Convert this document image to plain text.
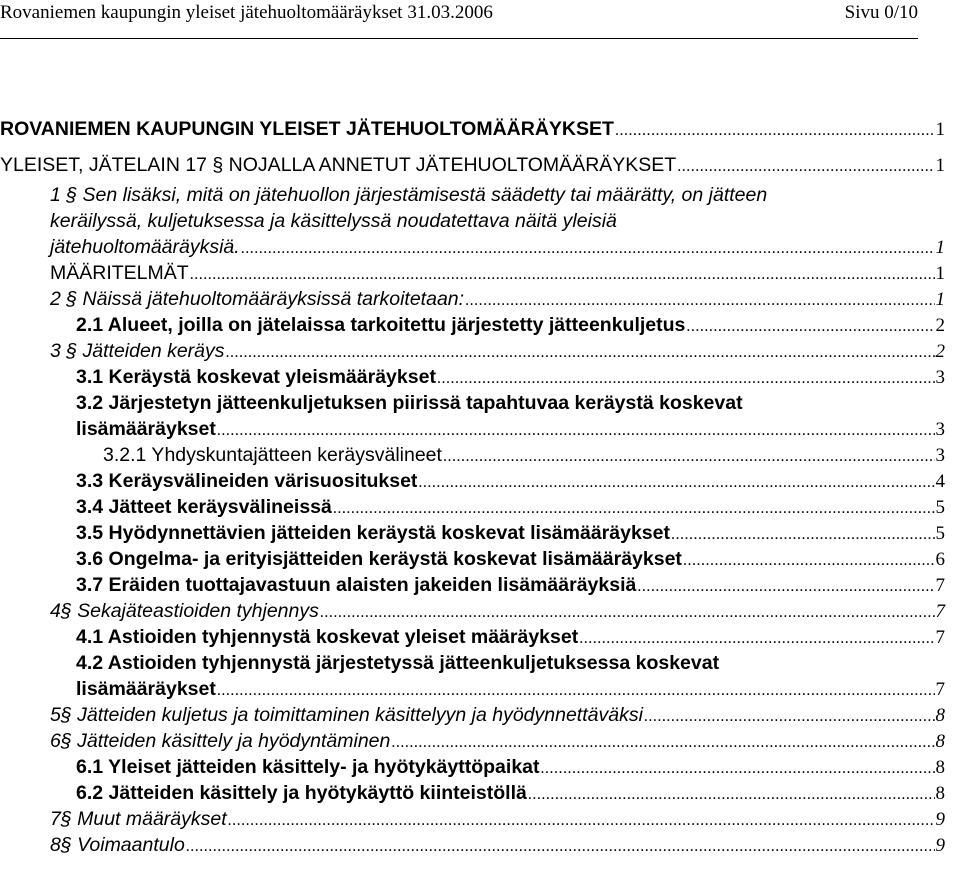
Rovaniemen kaupungin yleiset jätehuoltomääräykset 31.03.2006	Sivu 0/10
ROVANIEMEN KAUPUNGIN YLEISET JÄTEHUOLTOMÄÄRÄYKSET .....	1
YLEISET, JÄTELAIN 17 § NOJALLA ANNETUT JÄTEHUOLTOMÄÄRÄYKSET .....	1
1 § Sen lisäksi, mitä on jätehuollon järjestämisestä säädetty tai määrätty, on jätteen
keräilyssä, kuljetuksessa ja käsittelyssä noudatettava näitä yleisiä
jätehuoltomääräyksiä. .....	1
MÄÄRITELMÄT .....	1
2 § Näissä jätehuoltomääräyksissä tarkoitetaan: .....	1
2.1 Alueet, joilla on jätelaissa tarkoitettu järjestetty jätteenkuljetus .....	2
3 § Jätteiden keräys .....	2
3.1 Keräystä koskevat yleismääräykset .....	3
3.2 Järjestetyn jätteenkuljetuksen piirissä tapahtuvaa keräystä koskevat
lisämääräykset .....	3
3.2.1 Yhdyskuntajätteen keräysvälineet .....	3
3.3 Keräysvälineiden värisuositukset .....	4
3.4 Jätteet keräysvälineissä .....	5
3.5 Hyödynnettävien jätteiden keräystä koskevat lisämääräykset .....	5
3.6 Ongelma- ja erityisjätteiden keräystä koskevat lisämääräykset .....	6
3.7 Eräiden tuottajavastuun alaisten jakeiden lisämääräyksiä .....	7
4§ Sekajäteastioiden tyhjennys .....	7
4.1 Astioiden tyhjennystä koskevat yleiset määräykset .....	7
4.2 Astioiden tyhjennystä järjestetyssä jätteenkuljetuksessa koskevat
lisämääräykset .....	7
5§ Jätteiden kuljetus ja toimittaminen käsittelyyn ja hyödynnettäväksi .....	8
6§ Jätteiden käsittely ja hyödyntäminen .....	8
6.1 Yleiset jätteiden käsittely- ja hyötykäyttöpaikat .....	8
6.2 Jätteiden käsittely ja hyötykäyttö kiinteistöllä .....	8
7§ Muut määräykset .....	9
8§ Voimaantulo .....	9
